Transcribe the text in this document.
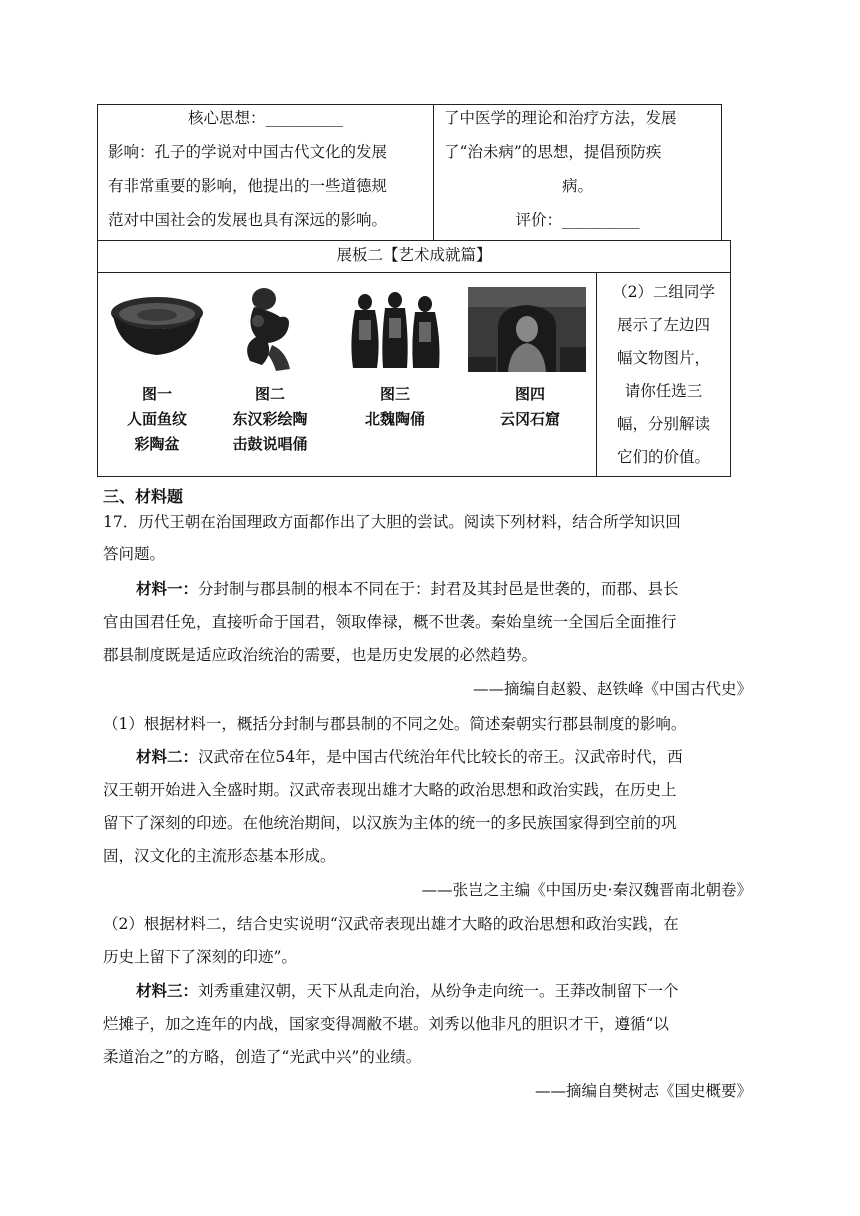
核心思想：__________
影响：孔子的学说对中国古代文化的发展
有非常重要的影响，他提出的一些道德规
范对中国社会的发展也具有深远的影响。
了中医学的理论和治疗方法，发展
了“治未病”的思想，提倡预防疾
病。
评价：__________
展板二【艺术成就篇】
图一
人面鱼纹
彩陶盆
图二
东汉彩绘陶
击鼓说唱俑
图三
北魏陶俑
图四
云冈石窟
（2）二组同学
展示了左边四
幅文物图片，
请你任选三
幅，分别解读
它们的价值。
三、材料题
17．历代王朝在治国理政方面都作出了大胆的尝试。阅读下列材料，结合所学知识回
答问题。
材料一：分封制与郡县制的根本不同在于：封君及其封邑是世袭的，而郡、县长
官由国君任免，直接听命于国君，领取俸禄，概不世袭。秦始皇统一全国后全面推行
郡县制度既是适应政治统治的需要，也是历史发展的必然趋势。
——摘编自赵毅、赵铁峰《中国古代史》
（1）根据材料一，概括分封制与郡县制的不同之处。简述秦朝实行郡县制度的影响。
材料二：汉武帝在位54年，是中国古代统治年代比较长的帝王。汉武帝时代，西
汉王朝开始进入全盛时期。汉武帝表现出雄才大略的政治思想和政治实践，在历史上
留下了深刻的印迹。在他统治期间，以汉族为主体的统一的多民族国家得到空前的巩
固，汉文化的主流形态基本形成。
——张岂之主编《中国历史·秦汉魏晋南北朝卷》
（2）根据材料二，结合史实说明“汉武帝表现出雄才大略的政治思想和政治实践，在
历史上留下了深刻的印迹”。
材料三：刘秀重建汉朝，天下从乱走向治，从纷争走向统一。王莽改制留下一个
烂摊子，加之连年的内战，国家变得凋敝不堪。刘秀以他非凡的胆识才干，遵循“以
柔道治之”的方略，创造了“光武中兴”的业绩。
——摘编自樊树志《国史概要》
